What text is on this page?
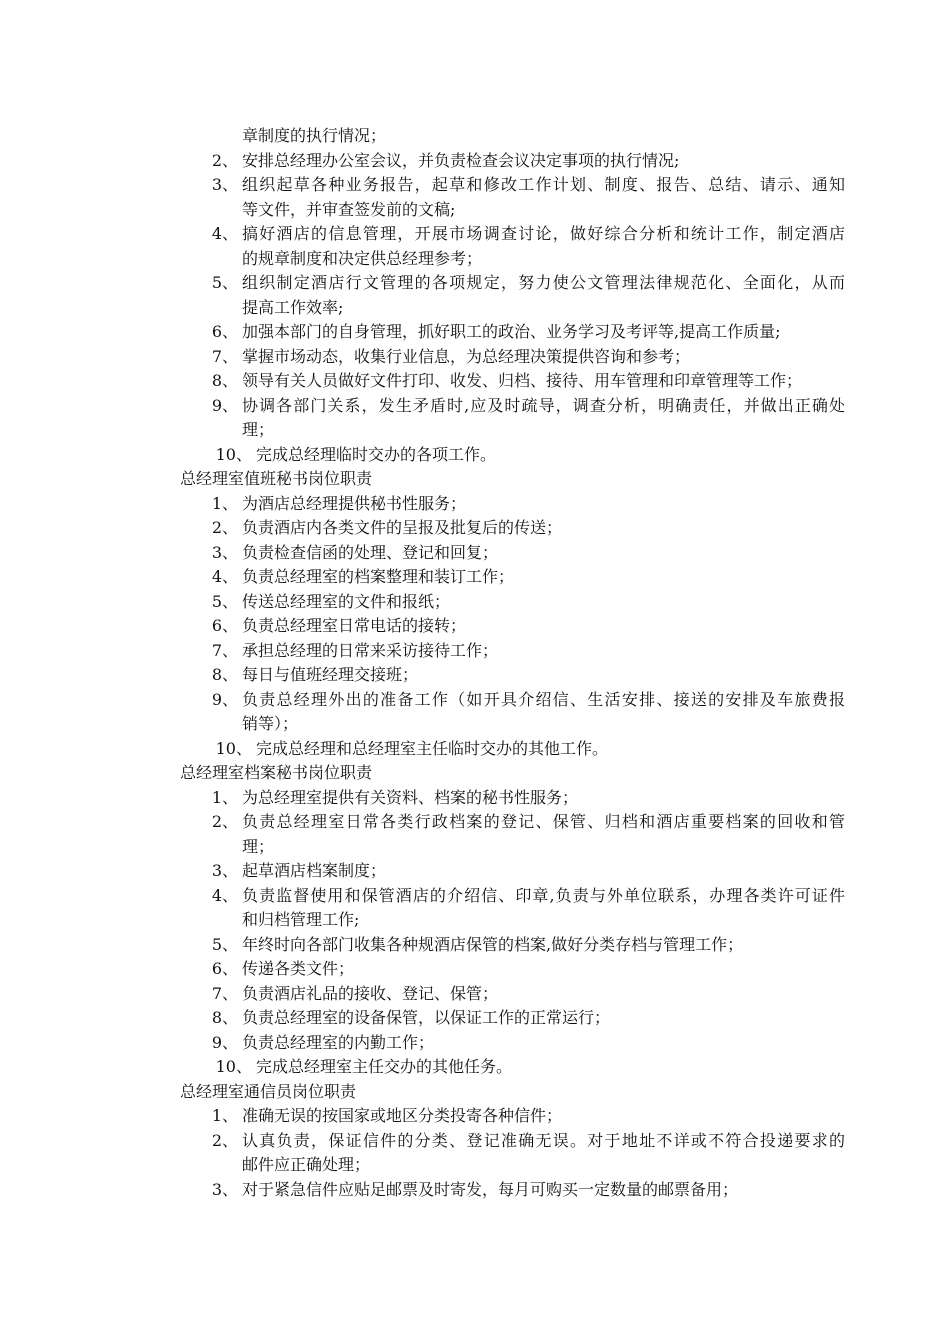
章制度的执行情况；
2、 安排总经理办公室会议，并负责检查会议决定事项的执行情况;
3、 组织起草各种业务报告，起草和修改工作计划、制度、报告、总结、请示、通知
等文件，并审查签发前的文稿;
4、 搞好酒店的信息管理，开展市场调查讨论，做好综合分析和统计工作，制定酒店
的规章制度和决定供总经理参考；
5、 组织制定酒店行文管理的各项规定，努力使公文管理法律规范化、全面化，从而
提高工作效率;
6、 加强本部门的自身管理，抓好职工的政治、业务学习及考评等,提高工作质量;
7、 掌握市场动态，收集行业信息，为总经理决策提供咨询和参考；
8、 领导有关人员做好文件打印、收发、归档、接待、用车管理和印章管理等工作；
9、 协调各部门关系，发生矛盾时,应及时疏导，调查分析，明确责任，并做出正确处
理；
10、 完成总经理临时交办的各项工作。
总经理室值班秘书岗位职责
1、 为酒店总经理提供秘书性服务；
2、 负责酒店内各类文件的呈报及批复后的传送；
3、 负责检查信函的处理、登记和回复；
4、 负责总经理室的档案整理和装订工作；
5、 传送总经理室的文件和报纸；
6、 负责总经理室日常电话的接转；
7、 承担总经理的日常来采访接待工作；
8、 每日与值班经理交接班；
9、 负责总经理外出的准备工作（如开具介绍信、生活安排、接送的安排及车旅费报
销等）；
10、 完成总经理和总经理室主任临时交办的其他工作。
总经理室档案秘书岗位职责
1、 为总经理室提供有关资料、档案的秘书性服务；
2、 负责总经理室日常各类行政档案的登记、保管、归档和酒店重要档案的回收和管
理；
3、 起草酒店档案制度；
4、 负责监督使用和保管酒店的介绍信、印章,负责与外单位联系，办理各类许可证件
和归档管理工作;
5、 年终时向各部门收集各种规酒店保管的档案,做好分类存档与管理工作；
6、 传递各类文件；
7、 负责酒店礼品的接收、登记、保管；
8、 负责总经理室的设备保管，以保证工作的正常运行；
9、 负责总经理室的内勤工作；
10、 完成总经理室主任交办的其他任务。
总经理室通信员岗位职责
1、 准确无误的按国家或地区分类投寄各种信件；
2、 认真负责，保证信件的分类、登记准确无误。对于地址不详或不符合投递要求的
邮件应正确处理；
3、 对于紧急信件应贴足邮票及时寄发，每月可购买一定数量的邮票备用；
